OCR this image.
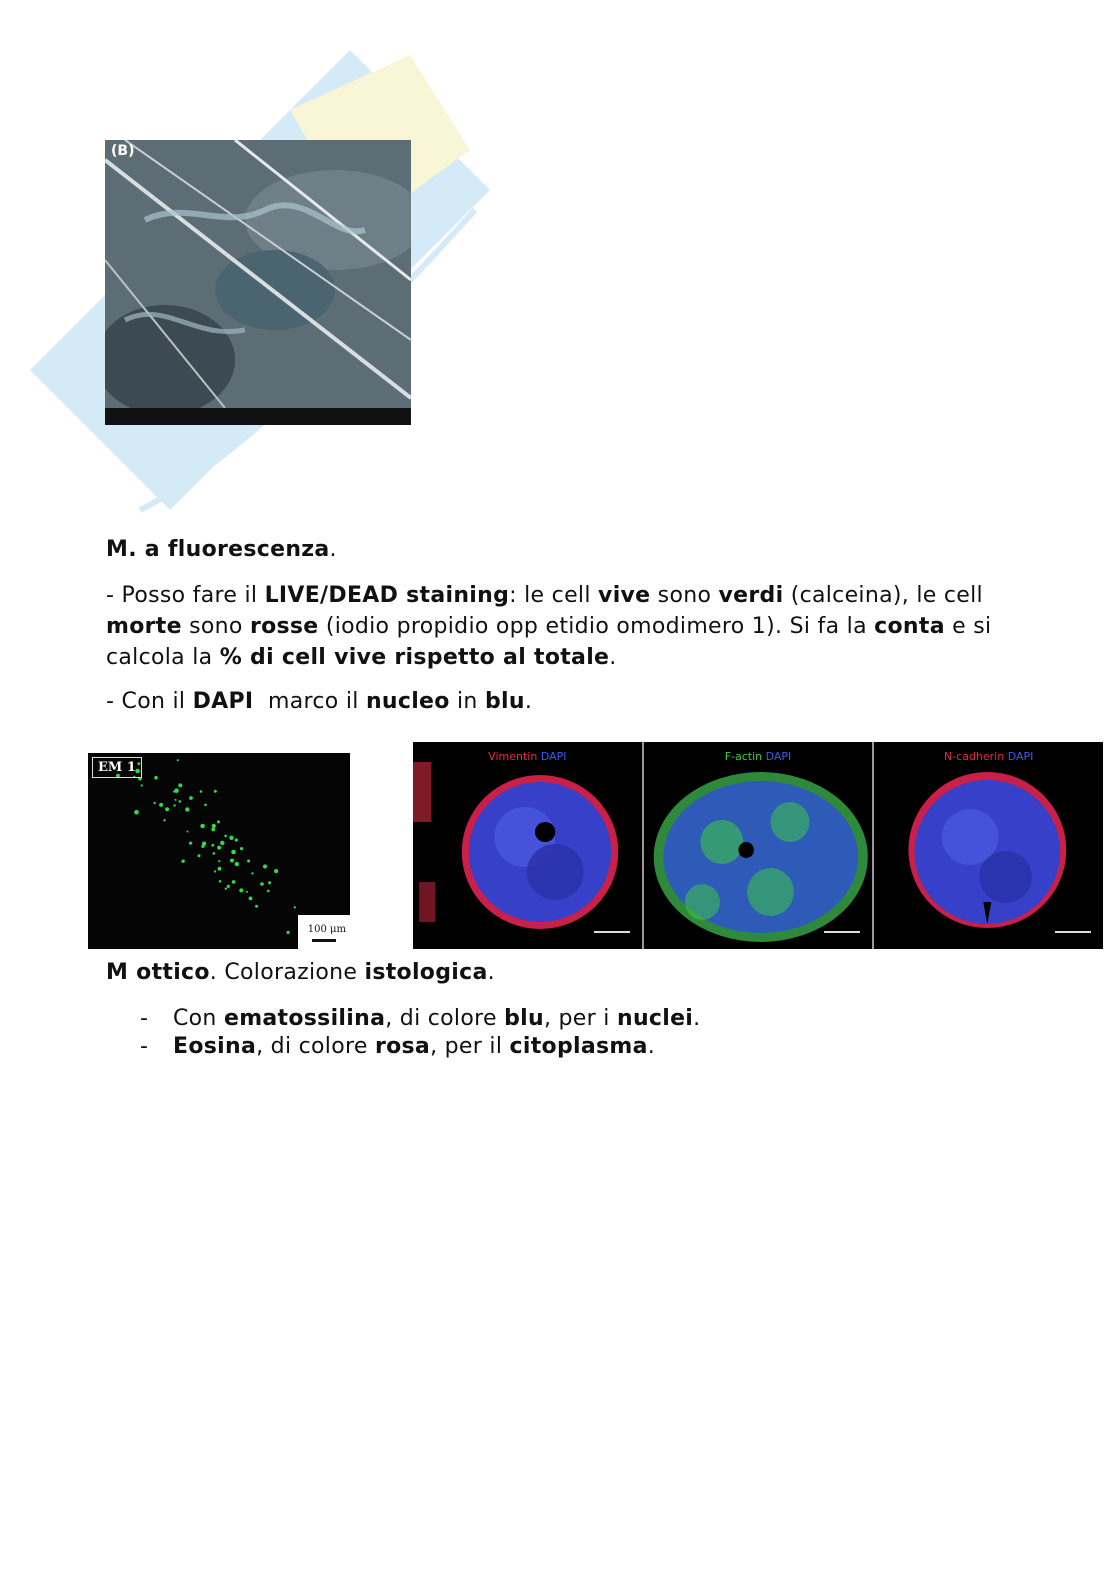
(B)
M. a fluorescenza.
- Posso fare il LIVE/DEAD staining: le cell vive sono verdi (calceina), le cell morte sono rosse (iodio propidio opp etidio omodimero 1). Si fa la conta e si calcola la % di cell vive rispetto al totale.
- Con il DAPI  marco il nucleo in blu.
EM 1
100 μm
Vimentin DAPI	F-actin DAPI	N-cadherin DAPI
M ottico. Colorazione istologica.
-	Con ematossilina, di colore blu, per i nuclei.
-	Eosina, di colore rosa, per il citoplasma.
